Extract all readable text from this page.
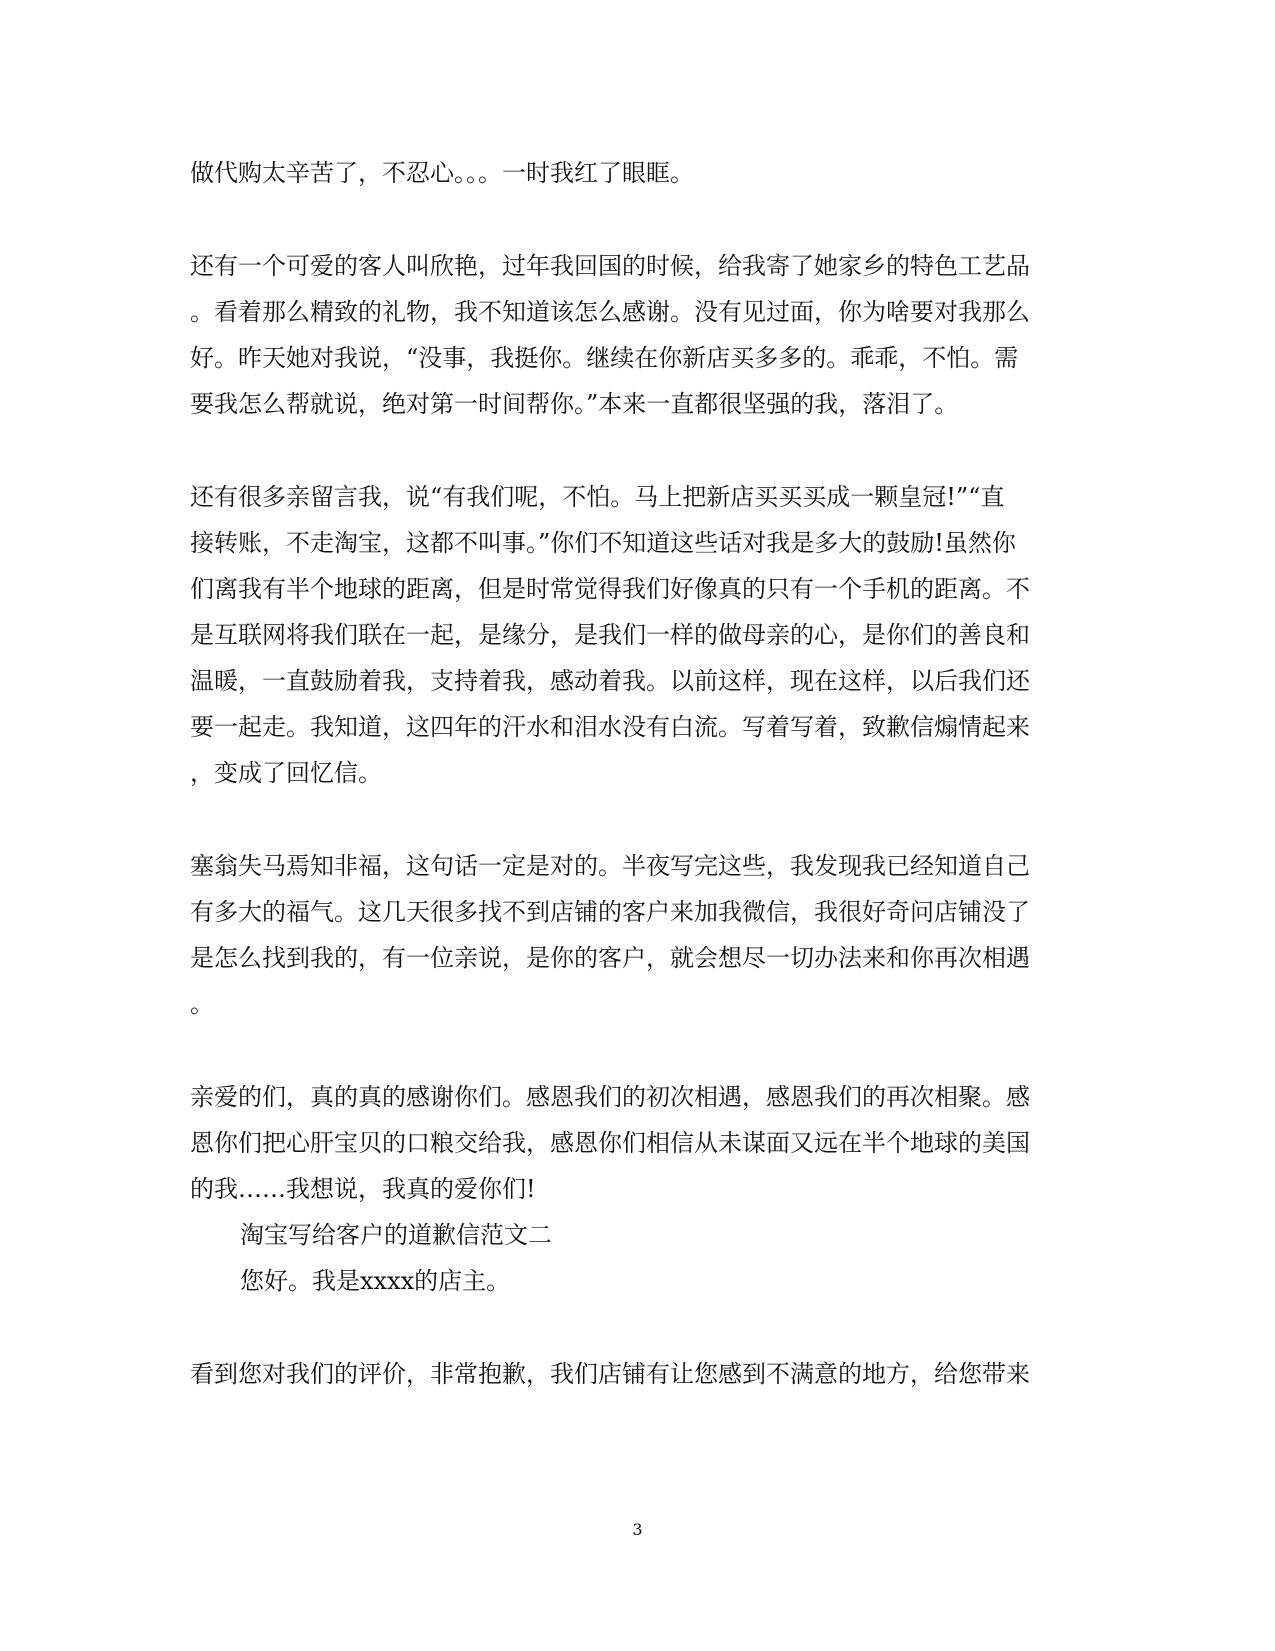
做代购太辛苦了，不忍心。。。一时我红了眼眶。
还有一个可爱的客人叫欣艳，过年我回国的时候，给我寄了她家乡的特色工艺品
。看着那么精致的礼物，我不知道该怎么感谢。没有见过面，你为啥要对我那么
好。昨天她对我说，“没事，我挺你。继续在你新店买多多的。乖乖，不怕。需
要我怎么帮就说，绝对第一时间帮你。”本来一直都很坚强的我，落泪了。
还有很多亲留言我，说“有我们呢，不怕。马上把新店买买买成一颗皇冠!”“直
接转账，不走淘宝，这都不叫事。”你们不知道这些话对我是多大的鼓励!虽然你
们离我有半个地球的距离，但是时常觉得我们好像真的只有一个手机的距离。不
是互联网将我们联在一起，是缘分，是我们一样的做母亲的心，是你们的善良和
温暖，一直鼓励着我，支持着我，感动着我。以前这样，现在这样，以后我们还
要一起走。我知道，这四年的汗水和泪水没有白流。写着写着，致歉信煽情起来
，变成了回忆信。
塞翁失马焉知非福，这句话一定是对的。半夜写完这些，我发现我已经知道自己
有多大的福气。这几天很多找不到店铺的客户来加我微信，我很好奇问店铺没了
是怎么找到我的，有一位亲说，是你的客户，就会想尽一切办法来和你再次相遇
。
亲爱的们，真的真的感谢你们。感恩我们的初次相遇，感恩我们的再次相聚。感
恩你们把心肝宝贝的口粮交给我，感恩你们相信从未谋面又远在半个地球的美国
的我……我想说，我真的爱你们!
淘宝写给客户的道歉信范文二
您好。我是xxxx的店主。
看到您对我们的评价，非常抱歉，我们店铺有让您感到不满意的地方，给您带来
3
